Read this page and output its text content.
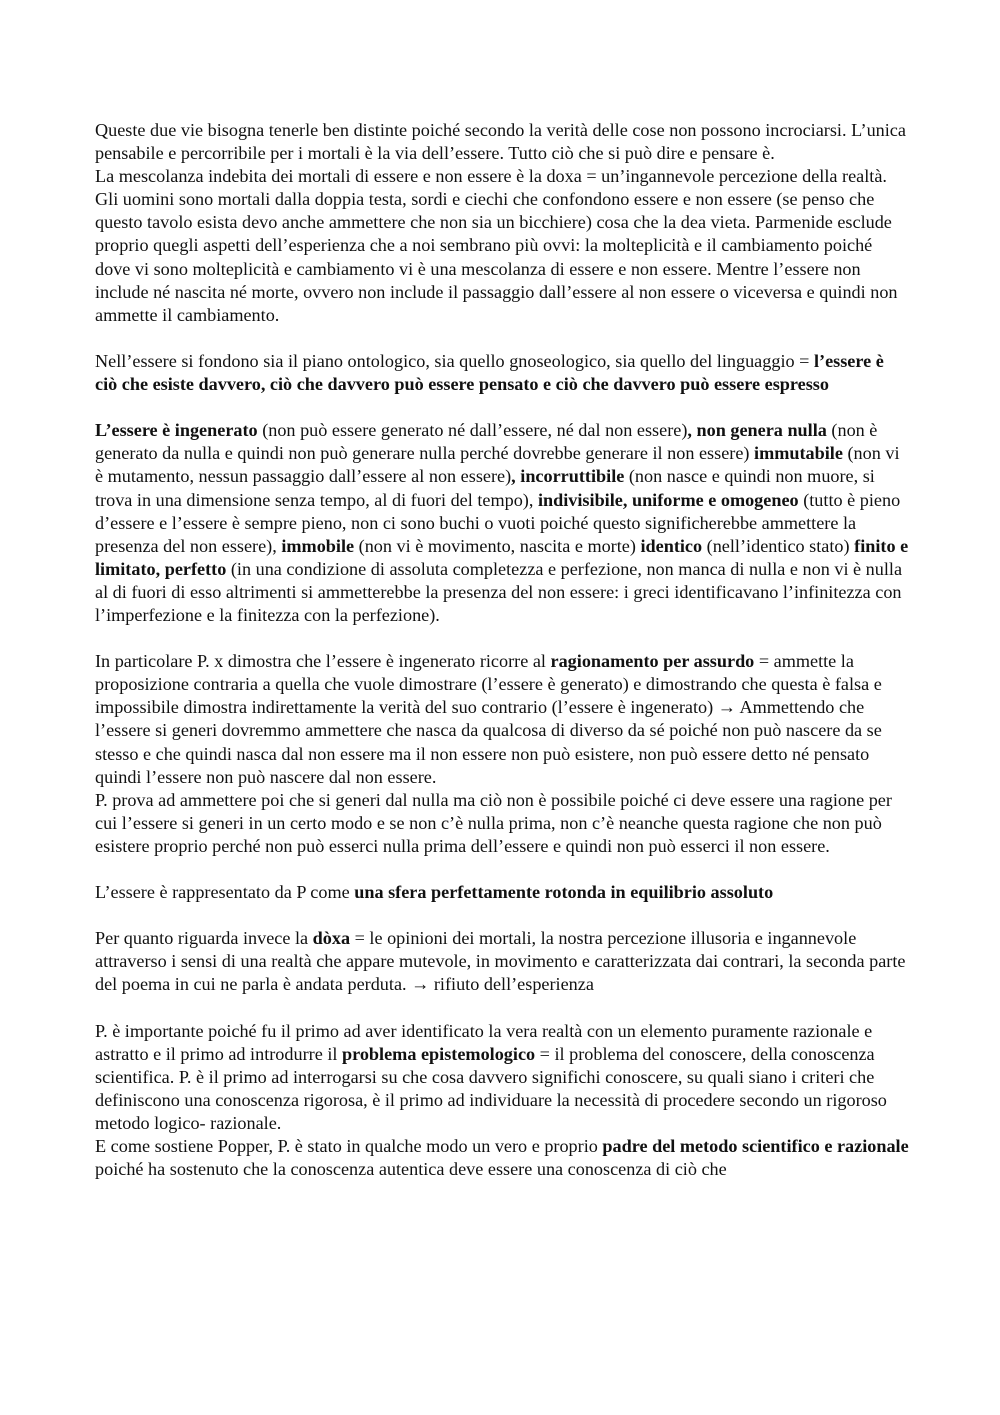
Queste due vie bisogna tenerle ben distinte poiché secondo la verità delle cose non possono incrociarsi. L’unica pensabile e percorribile per i mortali è la via dell’essere. Tutto ciò che si può dire e pensare è.

La mescolanza indebita dei mortali di essere e non essere è la doxa = un’ingannevole percezione della realtà. Gli uomini sono mortali dalla doppia testa, sordi e ciechi che confondono essere e non essere (se penso che questo tavolo esista devo anche ammettere che non sia un bicchiere) cosa che la dea vieta. Parmenide esclude proprio quegli aspetti dell’esperienza che a noi sembrano più ovvi: la molteplicità e il cambiamento poiché dove vi sono molteplicità e cambiamento vi è una mescolanza di essere e non essere. Mentre l’essere non include né nascita né morte, ovvero non include il passaggio dall’essere al non essere o viceversa e quindi non ammette il cambiamento.

Nell’essere si fondono sia il piano ontologico, sia quello gnoseologico, sia quello del linguaggio = l’essere è ciò che esiste davvero, ciò che davvero può essere pensato e ciò che davvero può essere espresso

L’essere è ingenerato (non può essere generato né dall’essere, né dal non essere), non genera nulla (non è generato da nulla e quindi non può generare nulla perché dovrebbe generare il non essere) immutabile (non vi è mutamento, nessun passaggio dall’essere al non essere), incorruttibile (non nasce e quindi non muore, si trova in una dimensione senza tempo, al di fuori del tempo), indivisibile, uniforme e omogeneo (tutto è pieno d’essere e l’essere è sempre pieno, non ci sono buchi o vuoti poiché questo significherebbe ammettere la presenza del non essere), immobile (non vi è movimento, nascita e morte) identico (nell’identico stato) finito e limitato, perfetto (in una condizione di assoluta completezza e perfezione, non manca di nulla e non vi è nulla al di fuori di esso altrimenti si ammetterebbe la presenza del non essere: i greci identificavano l’infinitezza con l’imperfezione e la finitezza con la perfezione).

In particolare P. x dimostra che l’essere è ingenerato ricorre al ragionamento per assurdo = ammette la proposizione contraria a quella che vuole dimostrare (l’essere è generato) e dimostrando che questa è falsa e impossibile dimostra indirettamente la verità del suo contrario (l’essere è ingenerato) → Ammettendo che l’essere si generi dovremmo ammettere che nasca da qualcosa di diverso da sé poiché non può nascere da se stesso e che quindi nasca dal non essere ma il non essere non può esistere, non può essere detto né pensato quindi l’essere non può nascere dal non essere.

P. prova ad ammettere poi che si generi dal nulla ma ciò non è possibile poiché ci deve essere una ragione per cui l’essere si generi in un certo modo e se non c’è nulla prima, non c’è neanche questa ragione che non può esistere proprio perché non può esserci nulla prima dell’essere e quindi non può esserci il non essere.

L’essere è rappresentato da P come una sfera perfettamente rotonda in equilibrio assoluto

Per quanto riguarda invece la dòxa = le opinioni dei mortali, la nostra percezione illusoria e ingannevole attraverso i sensi di una realtà che appare mutevole, in movimento e caratterizzata dai contrari, la seconda parte del poema in cui ne parla è andata perduta. → rifiuto dell’esperienza

P. è importante poiché fu il primo ad aver identificato la vera realtà con un elemento puramente razionale e astratto e il primo ad introdurre il problema epistemologico = il problema del conoscere, della conoscenza scientifica. P. è il primo ad interrogarsi su che cosa davvero significhi conoscere, su quali siano i criteri che definiscono una conoscenza rigorosa, è il primo ad individuare la necessità di procedere secondo un rigoroso metodo logico- razionale.

E come sostiene Popper, P. è stato in qualche modo un vero e proprio padre del metodo scientifico e razionale poiché ha sostenuto che la conoscenza autentica deve essere una conoscenza di ciò che
